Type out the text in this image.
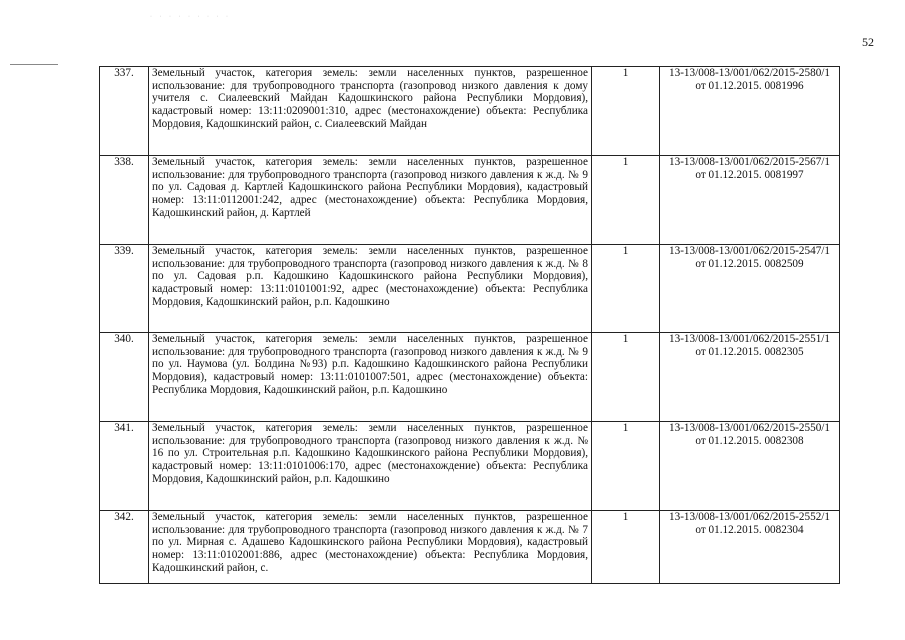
· · · · · · · · ·
52
337.	Земельный участок, категория земель: земли населенных пунктов, разрешенное использование: для трубопроводного транспорта (газопровод низкого давления к дому учителя с. Сиалеевский Майдан Кадошкинского района Республики Мордовия), кадастровый номер: 13:11:0209001:310, адрес (местонахождение) объекта: Республика Мордовия, Кадошкинский район, с. Сиалеевский Майдан	1	13-13/008-13/001/062/2015-2580/1 от 01.12.2015. 0081996
338.	Земельный участок, категория земель: земли населенных пунктов, разрешенное использование: для трубопроводного транспорта (газопровод низкого давления к ж.д. № 9 по ул. Садовая д. Картлей Кадошкинского района Республики Мордовия), кадастровый номер: 13:11:0112001:242, адрес (местонахождение) объекта: Республика Мордовия, Кадошкинский район, д. Картлей	1	13-13/008-13/001/062/2015-2567/1 от 01.12.2015. 0081997
339.	Земельный участок, категория земель: земли населенных пунктов, разрешенное использование: для трубопроводного транспорта (газопровод низкого давления к ж.д. № 8 по ул. Садовая р.п. Кадошкино Кадошкинского района Республики Мордовия), кадастровый номер: 13:11:0101001:92, адрес (местонахождение) объекта: Республика Мордовия, Кадошкинский район, р.п. Кадошкино	1	13-13/008-13/001/062/2015-2547/1 от 01.12.2015. 0082509
340.	Земельный участок, категория земель: земли населенных пунктов, разрешенное использование: для трубопроводного транспорта (газопровод низкого давления к ж.д. № 9 по ул. Наумова (ул. Болдина №93) р.п. Кадошкино Кадошкинского района Республики Мордовия), кадастровый номер: 13:11:0101007:501, адрес (местонахождение) объекта: Республика Мордовия, Кадошкинский район, р.п. Кадошкино	1	13-13/008-13/001/062/2015-2551/1 от 01.12.2015. 0082305
341.	Земельный участок, категория земель: земли населенных пунктов, разрешенное использование: для трубопроводного транспорта (газопровод низкого давления к ж.д. № 16 по ул. Строительная р.п. Кадошкино Кадошкинского района Республики Мордовия), кадастровый номер: 13:11:0101006:170, адрес (местонахождение) объекта: Республика Мордовия, Кадошкинский район, р.п. Кадошкино	1	13-13/008-13/001/062/2015-2550/1 от 01.12.2015. 0082308
342.	Земельный участок, категория земель: земли населенных пунктов, разрешенное использование: для трубопроводного транспорта (газопровод низкого давления к ж.д. № 7 по ул. Мирная с. Адашево Кадошкинского района Республики Мордовия), кадастровый номер: 13:11:0102001:886, адрес (местонахождение) объекта: Республика Мордовия, Кадошкинский район, с.	1	13-13/008-13/001/062/2015-2552/1 от 01.12.2015. 0082304
